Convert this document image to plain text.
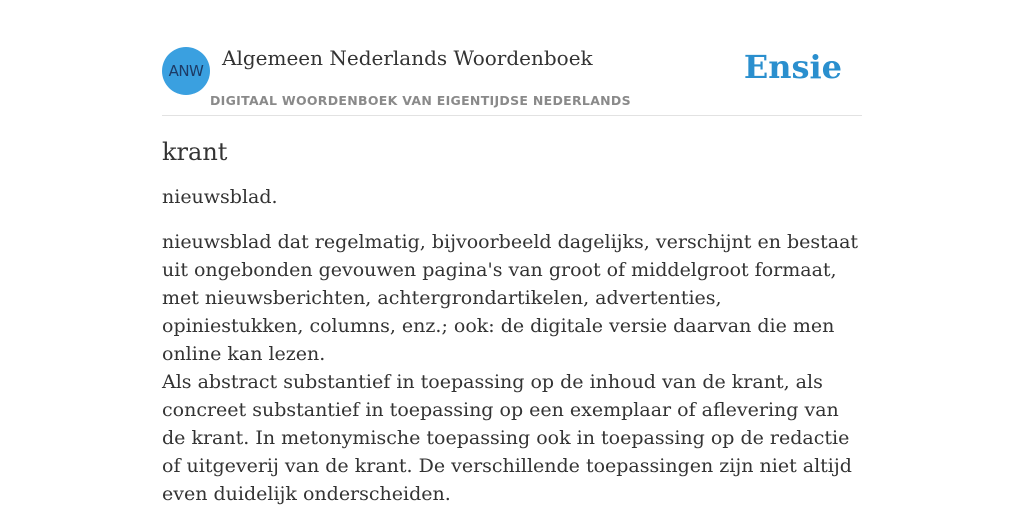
ANW
Algemeen Nederlands Woordenboek
DIGITAAL WOORDENBOEK VAN EIGENTIJDSE NEDERLANDS
Ensie
krant
nieuwsblad.

nieuwsblad dat regelmatig, bijvoorbeeld dagelijks, verschijnt en bestaat uit ongebonden gevouwen pagina's van groot of middelgroot formaat, met nieuwsberichten, achtergrondartikelen, advertenties, opiniestukken, columns, enz.; ook: de digitale versie daarvan die men online kan lezen.

Als abstract substantief in toepassing op de inhoud van de krant, als concreet substantief in toepassing op een exemplaar of aflevering van de krant. In metonymische toepassing ook in toepassing op de redactie of uitgeverij van de krant. De verschillende toepassingen zijn niet altijd even duidelijk onderscheiden.
